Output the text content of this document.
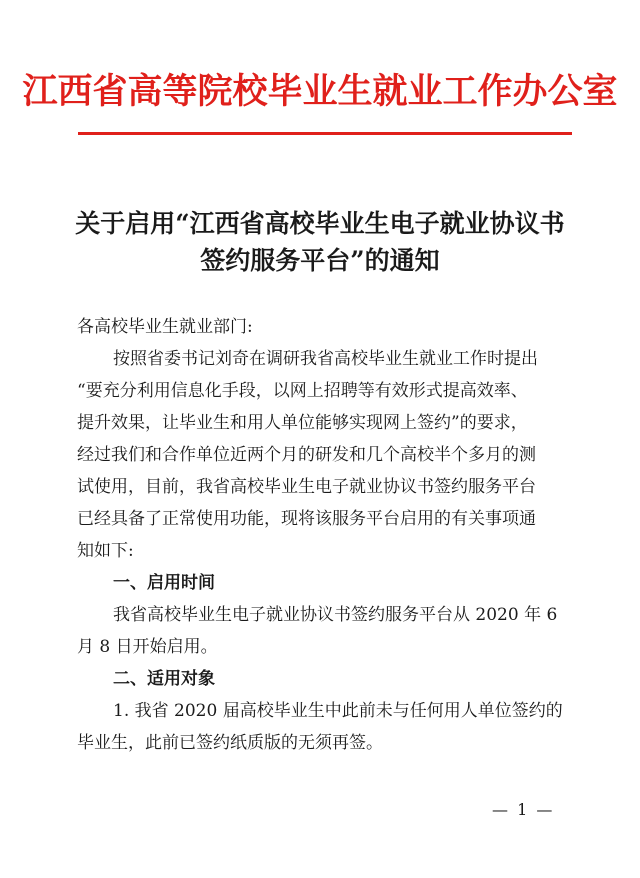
江西省高等院校毕业生就业工作办公室
关于启用“江西省高校毕业生电子就业协议书
签约服务平台”的通知
各高校毕业生就业部门:
按照省委书记刘奇在调研我省高校毕业生就业工作时提出
“要充分利用信息化手段，以网上招聘等有效形式提高效率、
提升效果，让毕业生和用人单位能够实现网上签约”的要求，
经过我们和合作单位近两个月的研发和几个高校半个多月的测
试使用，目前，我省高校毕业生电子就业协议书签约服务平台
已经具备了正常使用功能，现将该服务平台启用的有关事项通
知如下:
一、启用时间
我省高校毕业生电子就业协议书签约服务平台从 2020 年 6
月 8 日开始启用。
二、适用对象
1. 我省 2020 届高校毕业生中此前未与任何用人单位签约的
毕业生，此前已签约纸质版的无须再签。
— 1 —
